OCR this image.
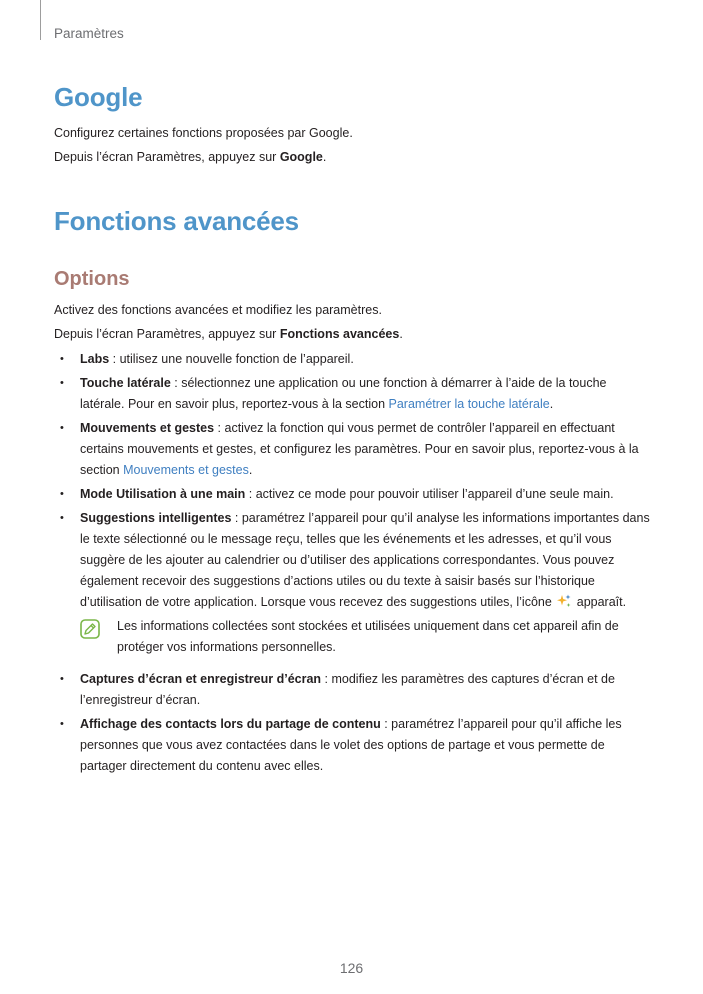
Paramètres
Google

Configurez certaines fonctions proposées par Google.

Depuis l’écran Paramètres, appuyez sur Google.

Fonctions avancées
Options

Activez des fonctions avancées et modifiez les paramètres.

Depuis l’écran Paramètres, appuyez sur Fonctions avancées.

• Labs : utilisez une nouvelle fonction de l’appareil.
• Touche latérale : sélectionnez une application ou une fonction à démarrer à l’aide de la touche latérale. Pour en savoir plus, reportez-vous à la section Paramétrer la touche latérale.
• Mouvements et gestes : activez la fonction qui vous permet de contrôler l’appareil en effectuant certains mouvements et gestes, et configurez les paramètres. Pour en savoir plus, reportez-vous à la section Mouvements et gestes.
• Mode Utilisation à une main : activez ce mode pour pouvoir utiliser l’appareil d’une seule main.
• Suggestions intelligentes : paramétrez l’appareil pour qu’il analyse les informations importantes dans le texte sélectionné ou le message reçu, telles que les événements et les adresses, et qu’il vous suggère de les ajouter au calendrier ou d’utiliser des applications correspondantes. Vous pouvez également recevoir des suggestions d’actions utiles ou du texte à saisir basés sur l’historique d’utilisation de votre application. Lorsque vous recevez des suggestions utiles, l’icône  apparaît.
Les informations collectées sont stockées et utilisées uniquement dans cet appareil afin de protéger vos informations personnelles.
• Captures d’écran et enregistreur d’écran : modifiez les paramètres des captures d’écran et de l’enregistreur d’écran.
• Affichage des contacts lors du partage de contenu : paramétrez l’appareil pour qu’il affiche les personnes que vous avez contactées dans le volet des options de partage et vous permette de partager directement du contenu avec elles.
126
